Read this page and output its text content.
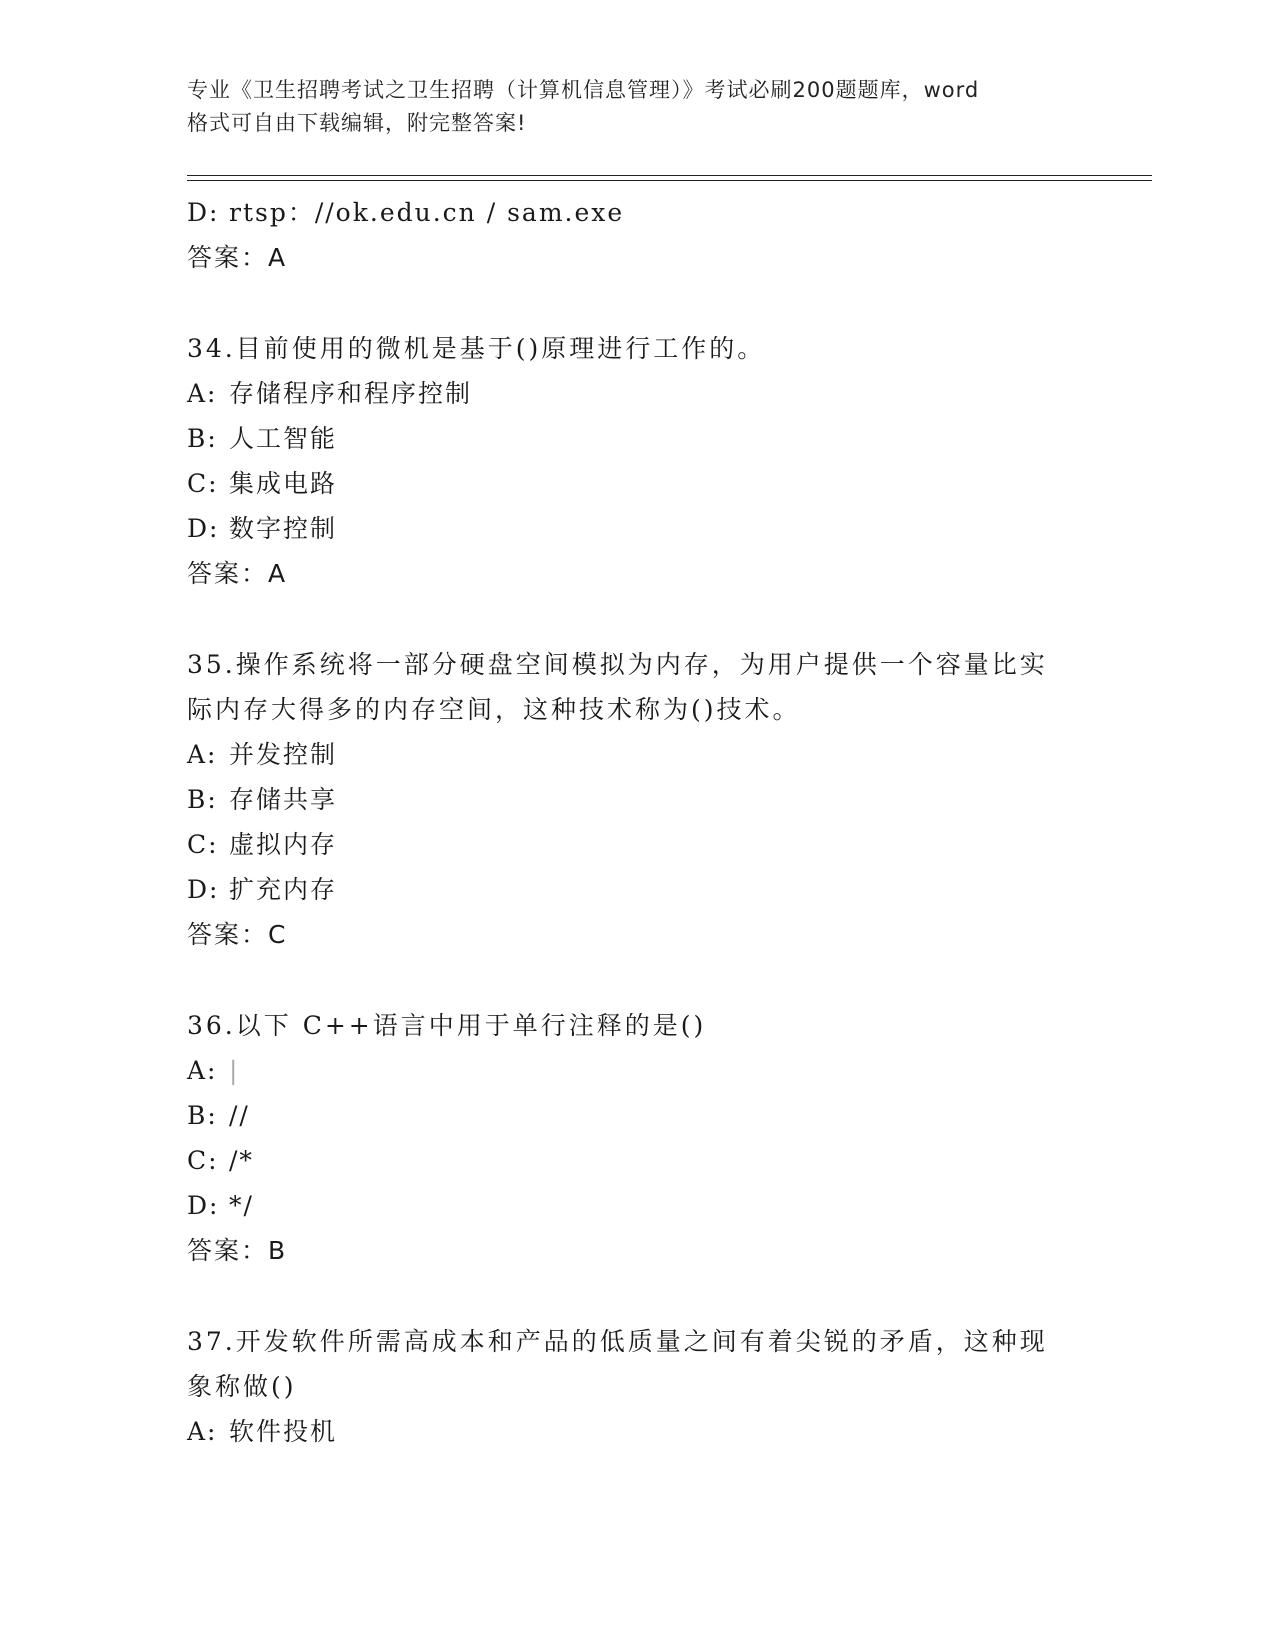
专业《卫生招聘考试之卫生招聘（计算机信息管理）》考试必刷200题题库，word
格式可自由下载编辑，附完整答案!
D: rtsp：//ok.edu.cn / sam.exe
答案：A
34.目前使用的微机是基于()原理进行工作的。
A: 存储程序和程序控制
B: 人工智能
C: 集成电路
D: 数字控制
答案：A
35.操作系统将一部分硬盘空间模拟为内存，为用户提供一个容量比实
际内存大得多的内存空间，这种技术称为()技术。
A: 并发控制
B: 存储共享
C: 虚拟内存
D: 扩充内存
答案：C
36.以下 C++语言中用于单行注释的是()
A: |
B: //
C: /*
D: */
答案：B
37.开发软件所需高成本和产品的低质量之间有着尖锐的矛盾，这种现
象称做()
A: 软件投机
